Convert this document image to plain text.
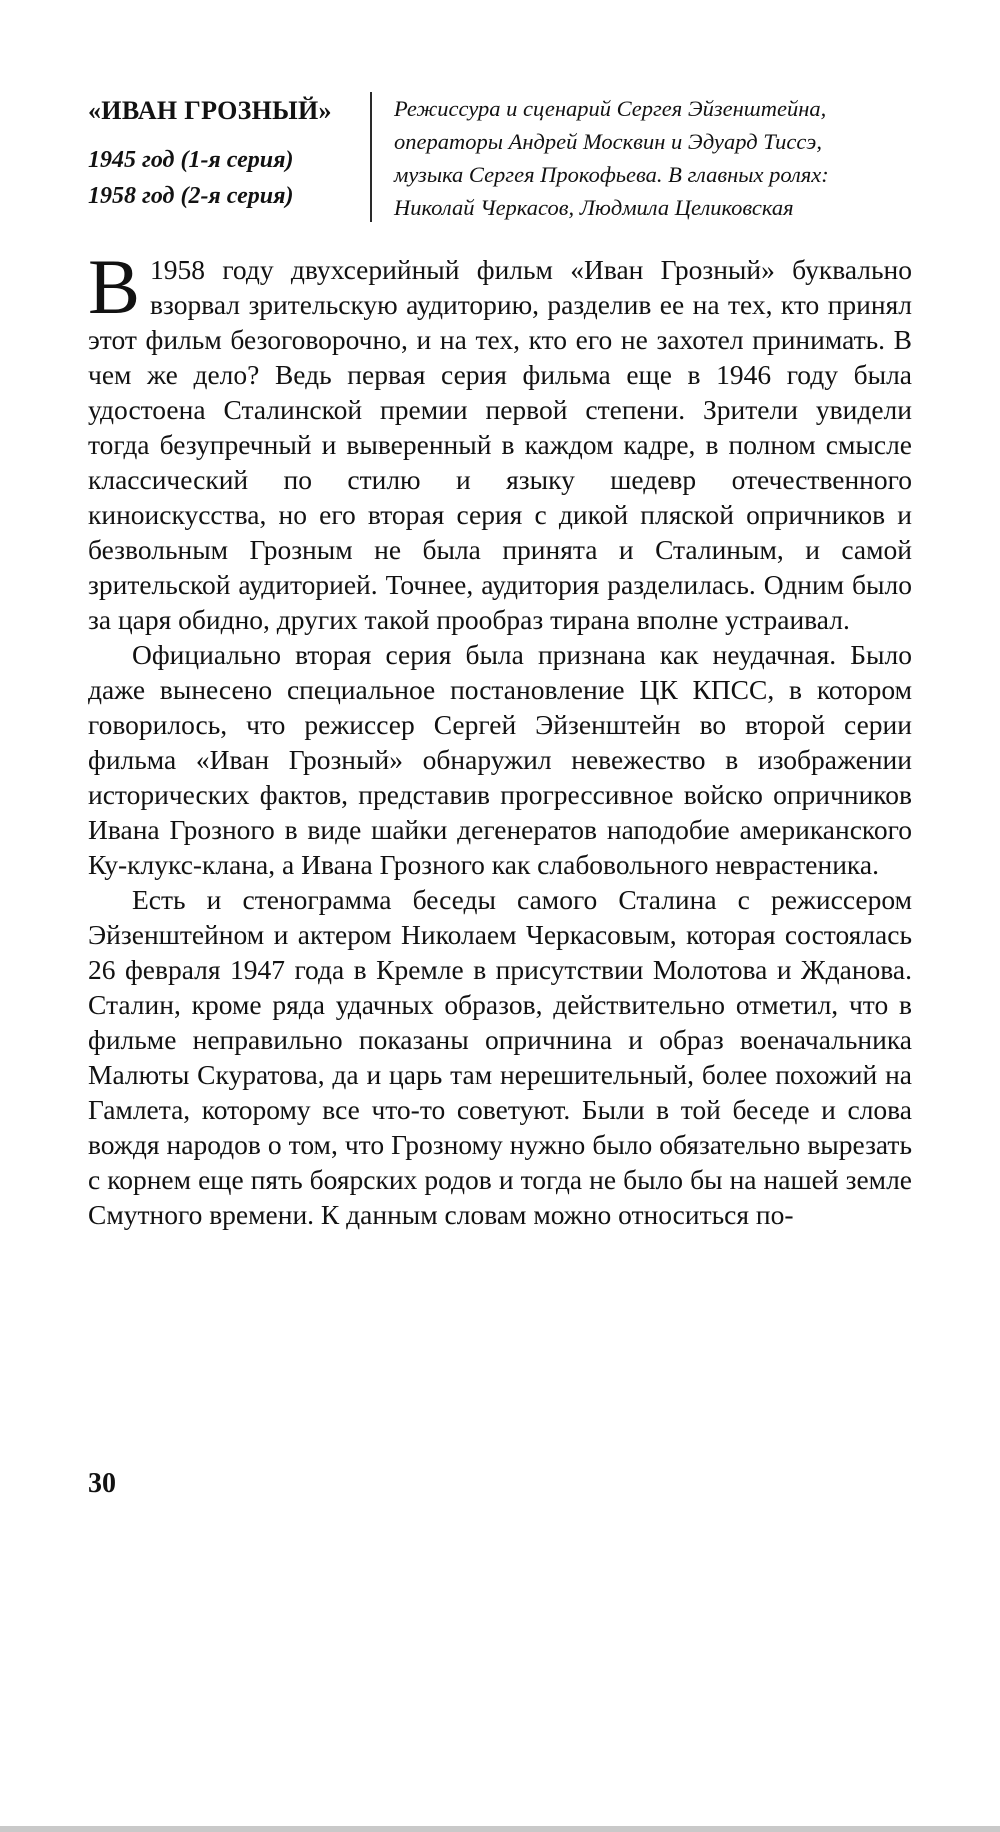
«ИВАН ГРОЗНЫЙ»
1945 год (1-я серия)
1958 год (2-я серия)
Режиссура и сценарий Сергея Эйзенштейна, операторы Андрей Москвин и Эдуард Тиссэ, музыка Сергея Прокофьева. В главных ролях: Николай Черкасов, Людмила Целиковская

В 1958 году двухсерийный фильм «Иван Грозный» буквально взорвал зрительскую аудиторию, разделив ее на тех, кто принял этот фильм безоговорочно, и на тех, кто его не захотел принимать. В чем же дело? Ведь первая серия фильма еще в 1946 году была удостоена Сталинской премии первой степени. Зрители увидели тогда безупречный и выверенный в каждом кадре, в полном смысле классический по стилю и языку шедевр отечественного киноискусства, но его вторая серия с дикой пляской опричников и безвольным Грозным не была принята и Сталиным, и самой зрительской аудиторией. Точнее, аудитория разделилась. Одним было за царя обидно, других такой прообраз тирана вполне устраивал.

Официально вторая серия была признана как неудачная. Было даже вынесено специальное постановление ЦК КПСС, в котором говорилось, что режиссер Сергей Эйзенштейн во второй серии фильма «Иван Грозный» обнаружил невежество в изображении исторических фактов, представив прогрессивное войско опричников Ивана Грозного в виде шайки дегенератов наподобие американского Ку-клукс-клана, а Ивана Грозного как слабовольного неврастеника.

Есть и стенограмма беседы самого Сталина с режиссером Эйзенштейном и актером Николаем Черкасовым, которая состоялась 26 февраля 1947 года в Кремле в присутствии Молотова и Жданова. Сталин, кроме ряда удачных образов, действительно отметил, что в фильме неправильно показаны опричнина и образ военачальника Малюты Скуратова, да и царь там нерешительный, более похожий на Гамлета, которому все что-то советуют. Были в той беседе и слова вождя народов о том, что Грозному нужно было обязательно вырезать с корнем еще пять боярских родов и тогда не было бы на нашей земле Смутного времени. К данным словам можно относиться по-

30
